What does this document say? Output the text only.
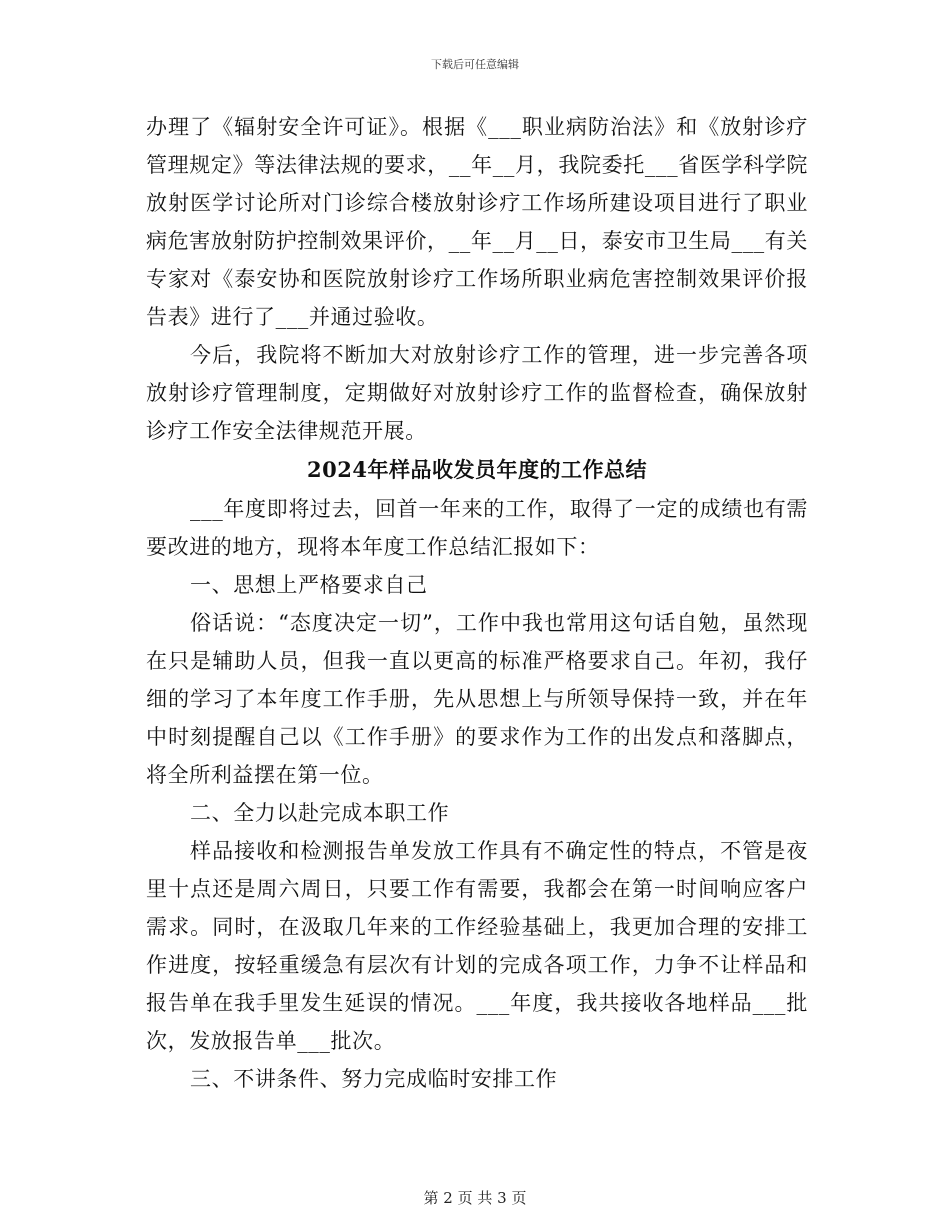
下载后可任意编辑

办理了《辐射安全许可证》。根据《___职业病防治法》和《放射诊疗管理规定》等法律法规的要求，__年__月，我院委托___省医学科学院放射医学讨论所对门诊综合楼放射诊疗工作场所建设项目进行了职业病危害放射防护控制效果评价，__年__月__日，泰安市卫生局___有关专家对《泰安协和医院放射诊疗工作场所职业病危害控制效果评价报告表》进行了___并通过验收。

今后，我院将不断加大对放射诊疗工作的管理，进一步完善各项放射诊疗管理制度，定期做好对放射诊疗工作的监督检查，确保放射诊疗工作安全法律规范开展。

2024年样品收发员年度的工作总结

___年度即将过去，回首一年来的工作，取得了一定的成绩也有需要改进的地方，现将本年度工作总结汇报如下：

一、思想上严格要求自己

俗话说：“态度决定一切”，工作中我也常用这句话自勉，虽然现在只是辅助人员，但我一直以更高的标准严格要求自己。年初，我仔细的学习了本年度工作手册，先从思想上与所领导保持一致，并在年中时刻提醒自己以《工作手册》的要求作为工作的出发点和落脚点，将全所利益摆在第一位。

二、全力以赴完成本职工作

样品接收和检测报告单发放工作具有不确定性的特点，不管是夜里十点还是周六周日，只要工作有需要，我都会在第一时间响应客户需求。同时，在汲取几年来的工作经验基础上，我更加合理的安排工作进度，按轻重缓急有层次有计划的完成各项工作，力争不让样品和报告单在我手里发生延误的情况。___年度，我共接收各地样品___批次，发放报告单___批次。

三、不讲条件、努力完成临时安排工作

第 2 页 共 3 页
